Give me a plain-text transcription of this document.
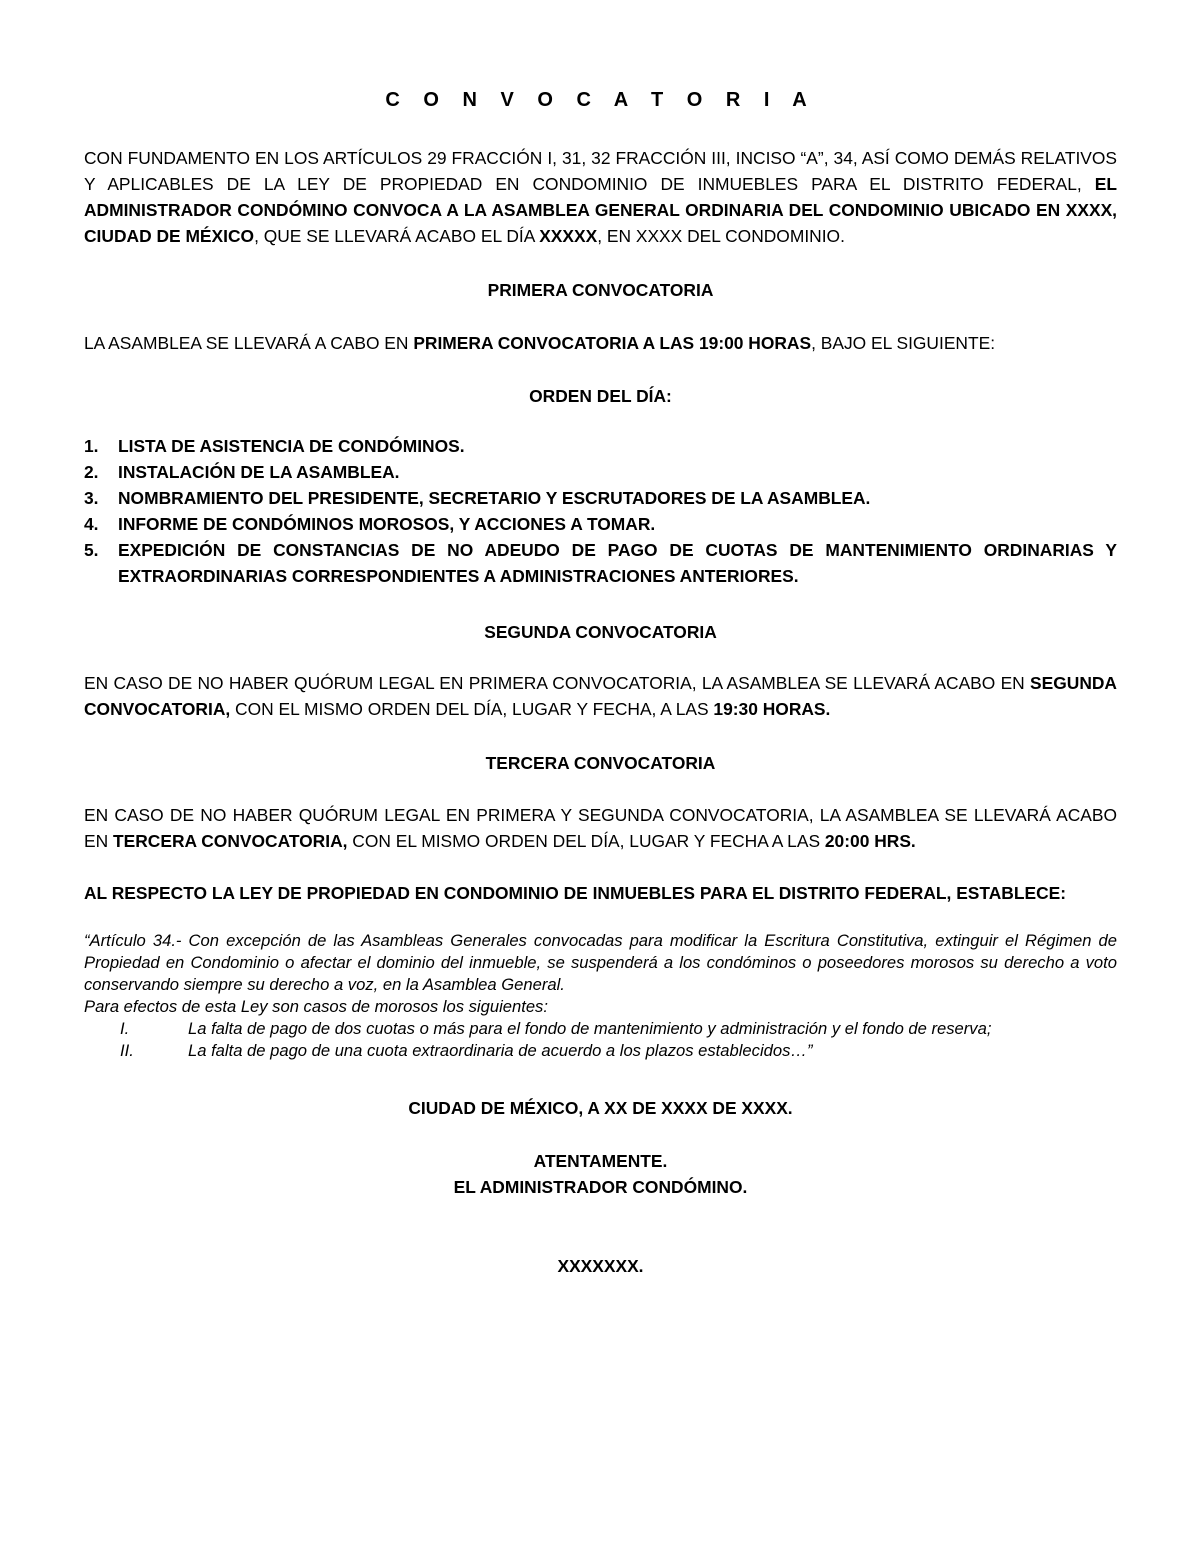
C O N V O C A T O R I A

CON FUNDAMENTO EN LOS ARTÍCULOS 29 FRACCIÓN I, 31, 32 FRACCIÓN III, INCISO “A”, 34, ASÍ COMO DEMÁS RELATIVOS Y APLICABLES DE LA LEY DE PROPIEDAD EN CONDOMINIO DE INMUEBLES PARA EL DISTRITO FEDERAL, EL ADMINISTRADOR CONDÓMINO CONVOCA A LA ASAMBLEA GENERAL ORDINARIA DEL CONDOMINIO UBICADO EN XXXX, CIUDAD DE MÉXICO, QUE SE LLEVARÁ ACABO EL DÍA XXXXX, EN XXXX DEL CONDOMINIO.

PRIMERA CONVOCATORIA

LA ASAMBLEA SE LLEVARÁ A CABO EN PRIMERA CONVOCATORIA A LAS 19:00 HORAS, BAJO EL SIGUIENTE:

ORDEN DEL DÍA:

1. LISTA DE ASISTENCIA DE CONDÓMINOS.
2. INSTALACIÓN DE LA ASAMBLEA.
3. NOMBRAMIENTO DEL PRESIDENTE, SECRETARIO Y ESCRUTADORES DE LA ASAMBLEA.
4. INFORME DE CONDÓMINOS MOROSOS, Y ACCIONES A TOMAR.
5. EXPEDICIÓN DE CONSTANCIAS DE NO ADEUDO DE PAGO DE CUOTAS DE MANTENIMIENTO ORDINARIAS Y EXTRAORDINARIAS CORRESPONDIENTES A ADMINISTRACIONES ANTERIORES.

SEGUNDA CONVOCATORIA

EN CASO DE NO HABER QUÓRUM LEGAL EN PRIMERA CONVOCATORIA, LA ASAMBLEA SE LLEVARÁ ACABO EN SEGUNDA CONVOCATORIA, CON EL MISMO ORDEN DEL DÍA, LUGAR Y FECHA, A LAS 19:30 HORAS.

TERCERA CONVOCATORIA

EN CASO DE NO HABER QUÓRUM LEGAL EN PRIMERA Y SEGUNDA CONVOCATORIA, LA ASAMBLEA SE LLEVARÁ ACABO EN TERCERA CONVOCATORIA, CON EL MISMO ORDEN DEL DÍA, LUGAR Y FECHA A LAS 20:00 HRS.

AL RESPECTO LA LEY DE PROPIEDAD EN CONDOMINIO DE INMUEBLES PARA EL DISTRITO FEDERAL, ESTABLECE:

“Artículo 34.- Con excepción de las Asambleas Generales convocadas para modificar la Escritura Constitutiva, extinguir el Régimen de Propiedad en Condominio o afectar el dominio del inmueble, se suspenderá a los condóminos o poseedores morosos su derecho a voto conservando siempre su derecho a voz, en la Asamblea General.

Para efectos de esta Ley son casos de morosos los siguientes:

I.	La falta de pago de dos cuotas o más para el fondo de mantenimiento y administración y el fondo de reserva;
II.	La falta de pago de una cuota extraordinaria de acuerdo a los plazos establecidos…”

CIUDAD DE MÉXICO, A XX DE XXXX DE XXXX.

ATENTAMENTE.

EL ADMINISTRADOR CONDÓMINO.

XXXXXXX.
